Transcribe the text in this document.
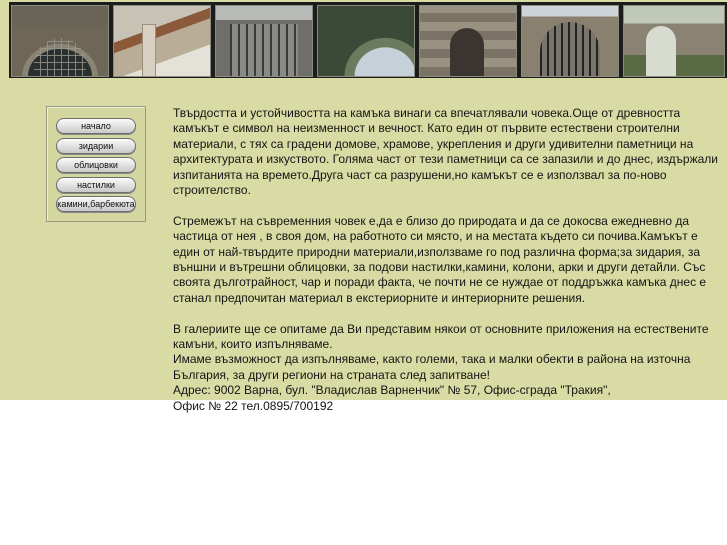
начало
зидарии
облицовки
настилки
камини,барбекюта

Твърдостта и устойчивостта на камъка винаги са впечатлявали човека.Още от древността камъкът е символ на неизменност и вечност. Като един от първите естествени строителни материали, с тях са градени домове, храмове, укрепления и други удивителни паметници на архитектурата и изкуството. Голяма част от тези паметници са се запазили и до днес, издържали изпитанията на времето.Друга част са разрушени,но камъкът се е използвал за по-ново строителство.

Стремежът на съвременния човек е,да е близо до природата и да се докосва ежедневно да частица от нея , в своя дом, на работното си място, и на местата където си почива.Камъкът е един от най-твърдите природни материали,използваме го под различна форма;за зидария, за външни и вътрешни облицовки, за подови настилки,камини, колони, арки и други детайли. Със своята дълготрайност, чар и поради факта, че почти не се нуждае от поддръжка камъка днес е станал предпочитан материал в екстериорните и интериорните решения.

В галериите ще се опитаме да Ви представим някои от основните приложения на естествените камъни, които изпълняваме.
Имаме възможност да изпълняваме, както големи, така и малки обекти в района на източна България, за други региони на страната след запитване!
Адрес: 9002 Варна, бул. "Владислав Варненчик" № 57, Офис-сграда "Тракия",
Офис № 22 тел.0895/700192
